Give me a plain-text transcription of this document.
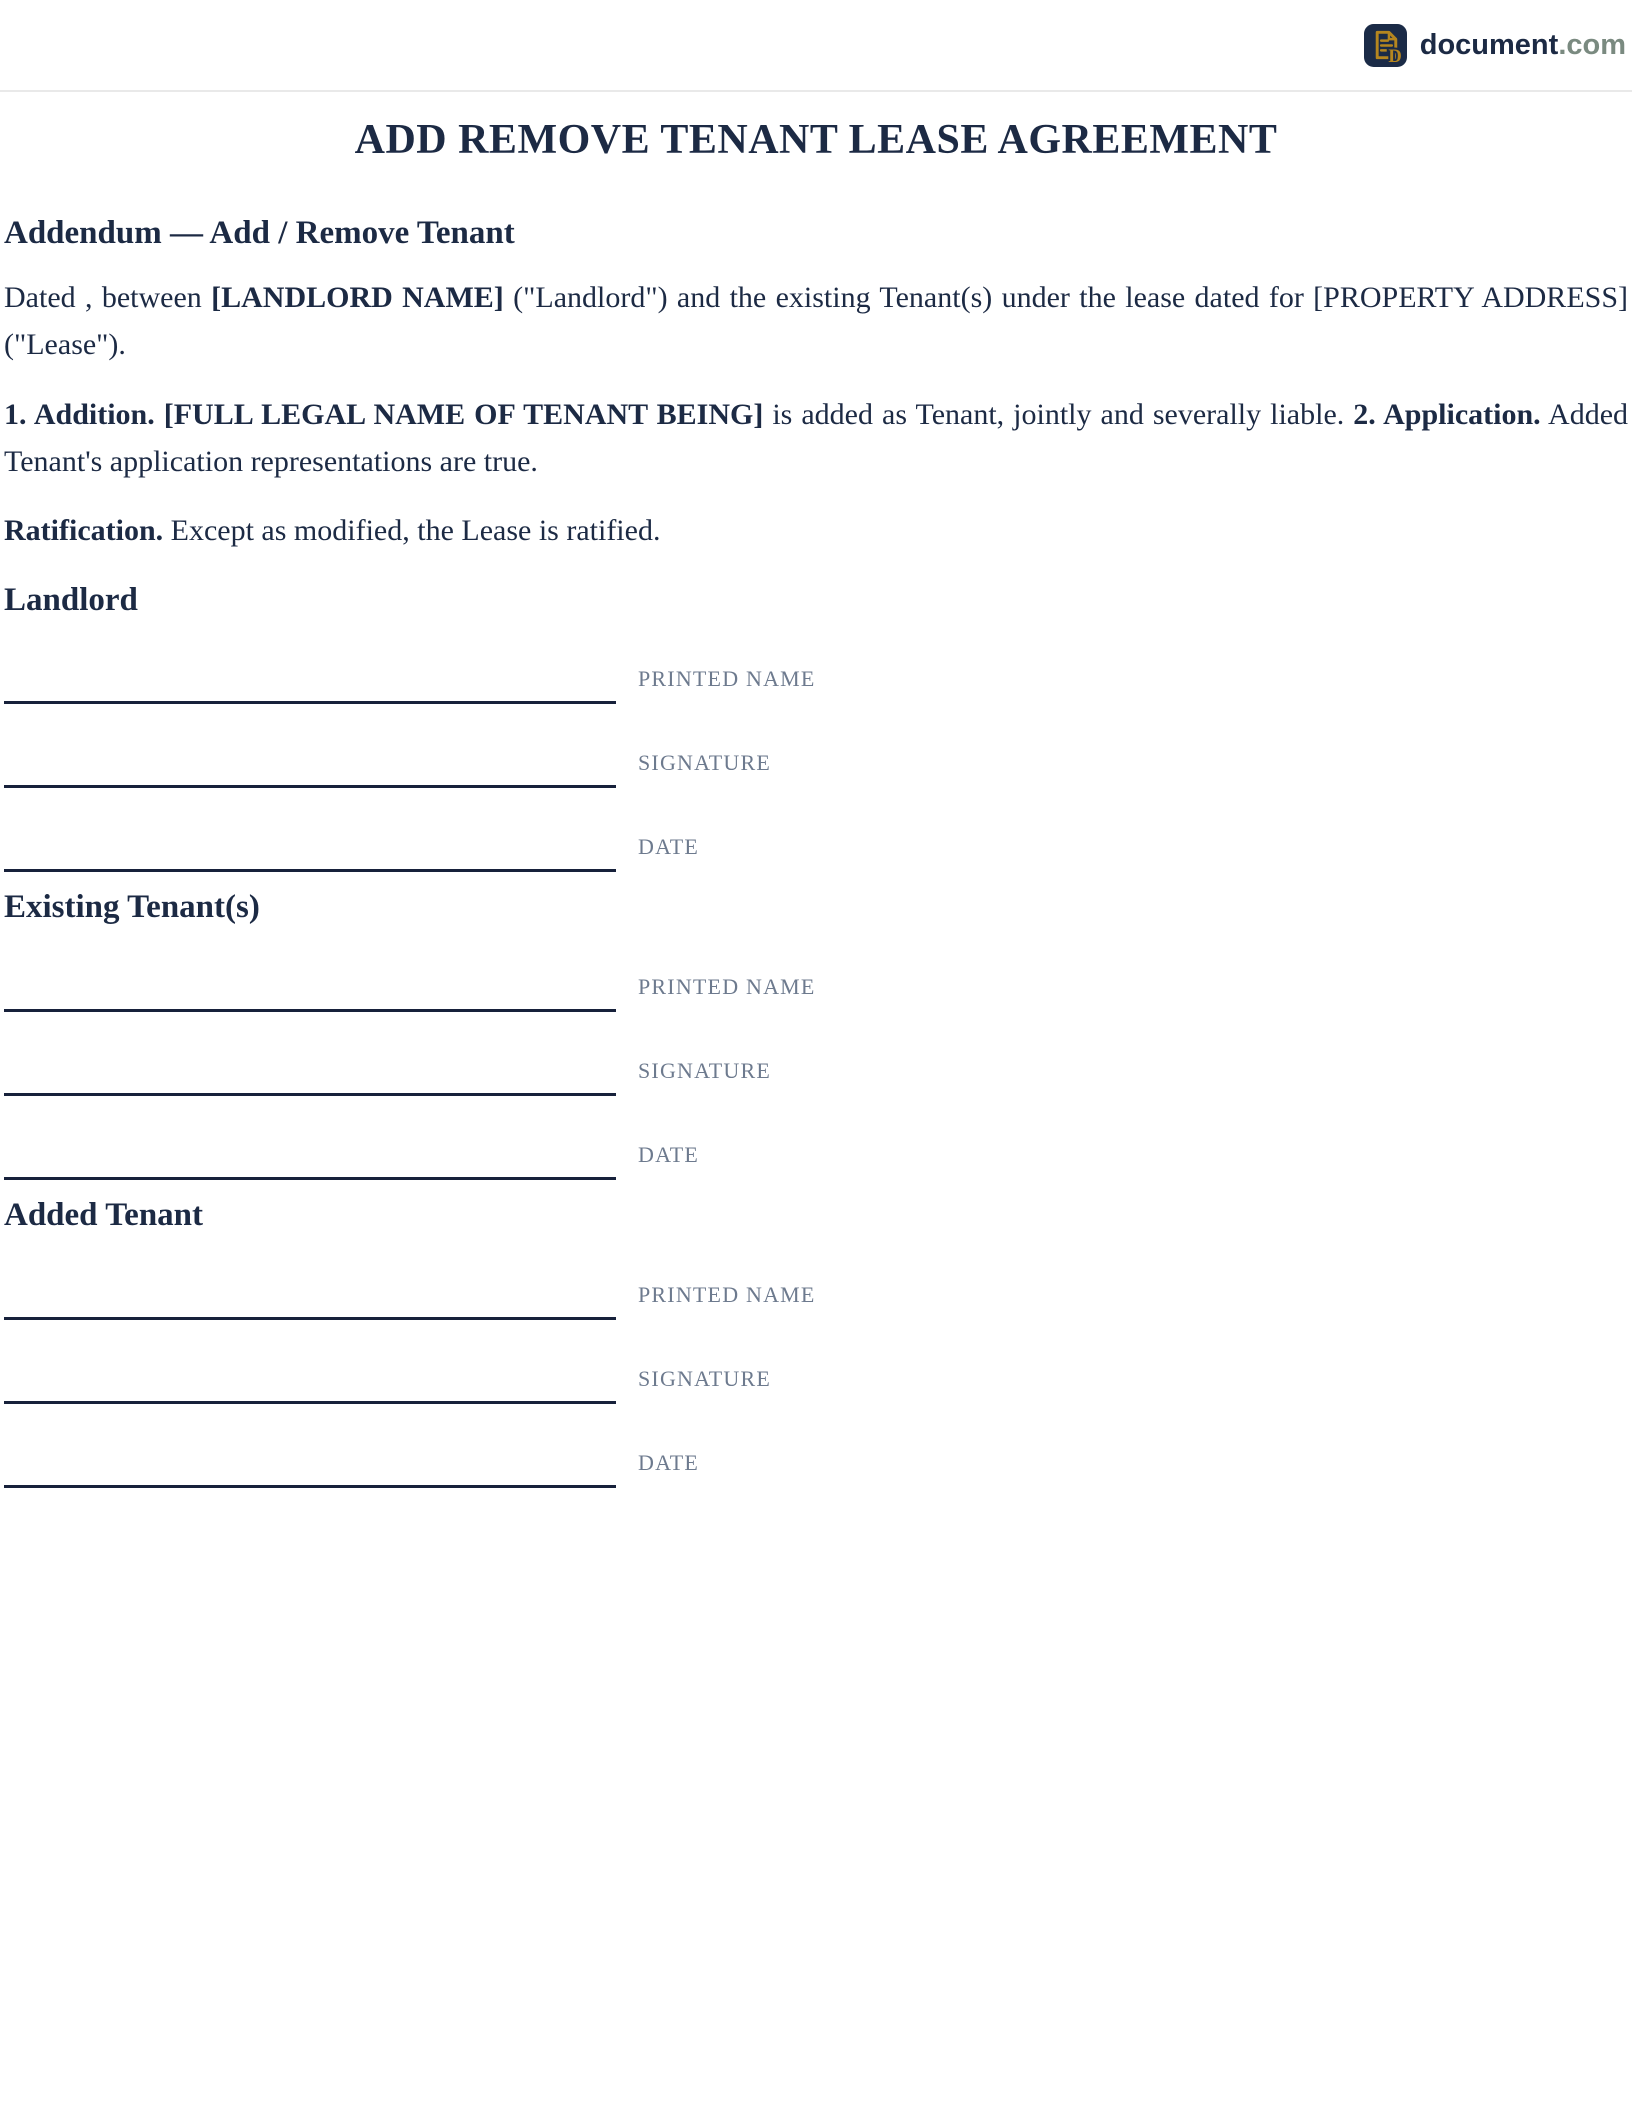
D document.com
ADD REMOVE TENANT LEASE AGREEMENT
Addendum — Add / Remove Tenant

Dated , between [LANDLORD NAME] ("Landlord") and the existing Tenant(s) under the lease dated for [PROPERTY ADDRESS]
("Lease").

1. Addition. [FULL LEGAL NAME OF TENANT BEING] is added as Tenant, jointly and severally liable. 2. Application. Added
Tenant's application representations are true.

Ratification. Except as modified, the Lease is ratified.

Landlord
PRINTED NAME
SIGNATURE
DATE
Existing Tenant(s)
PRINTED NAME
SIGNATURE
DATE
Added Tenant
PRINTED NAME
SIGNATURE
DATE
